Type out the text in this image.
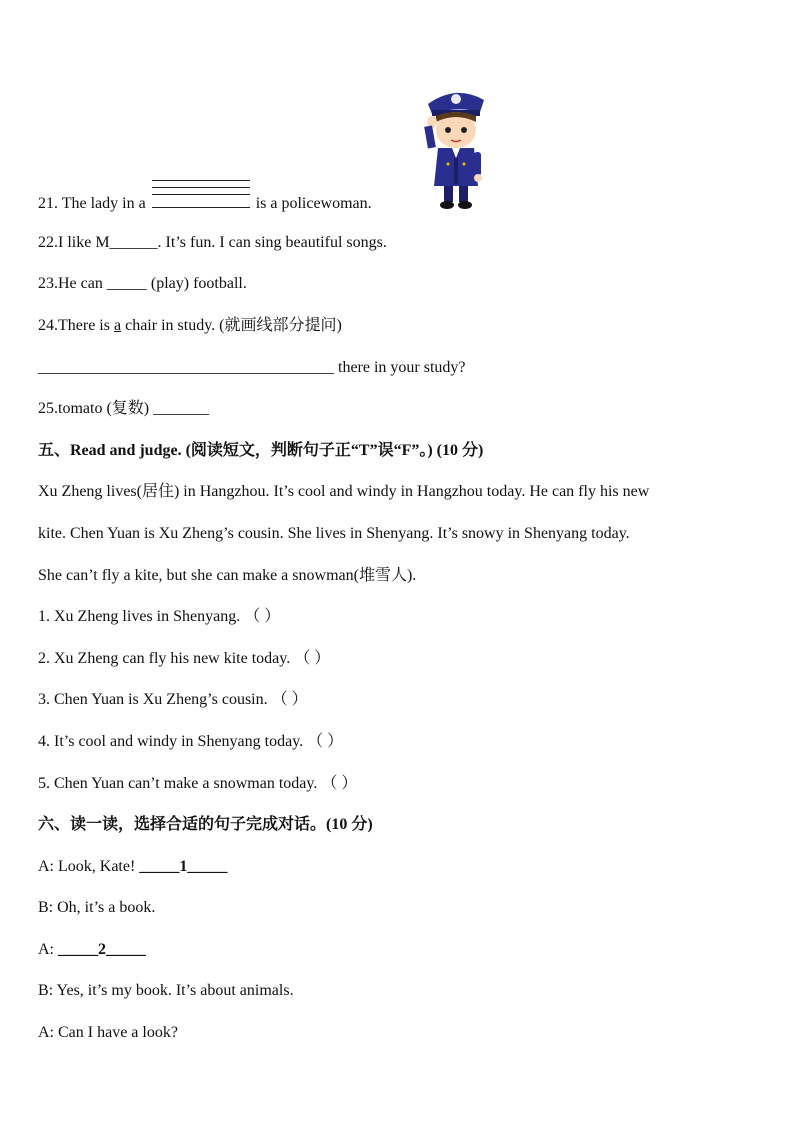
21. The lady in a	is a policewoman.
22.I like M______. It’s fun. I can sing beautiful songs.
23.He can _____ (play) football.
24.There is a chair in study. (就画线部分提问)
_____________________________________ there in your study?
25.tomato (复数) _______
五、Read and judge. (阅读短文，判断句子正“T”误“F”。) (10 分)
Xu Zheng lives(居住) in Hangzhou. It’s cool and windy in Hangzhou today. He can fly his new
kite. Chen Yuan is Xu Zheng’s cousin. She lives in Shenyang. It’s snowy in Shenyang today.
She can’t fly a kite, but she can make a snowman(堆雪人).
1. Xu Zheng lives in Shenyang. （ ）
2. Xu Zheng can fly his new kite today. （ ）
3. Chen Yuan is Xu Zheng’s cousin. （ ）
4. It’s cool and windy in Shenyang today. （ ）
5. Chen Yuan can’t make a snowman today. （ ）
六、读一读，选择合适的句子完成对话。(10 分)
A: Look, Kate! _____1_____
B: Oh, it’s a book.
A: _____2_____
B: Yes, it’s my book. It’s about animals.
A: Can I have a look?
